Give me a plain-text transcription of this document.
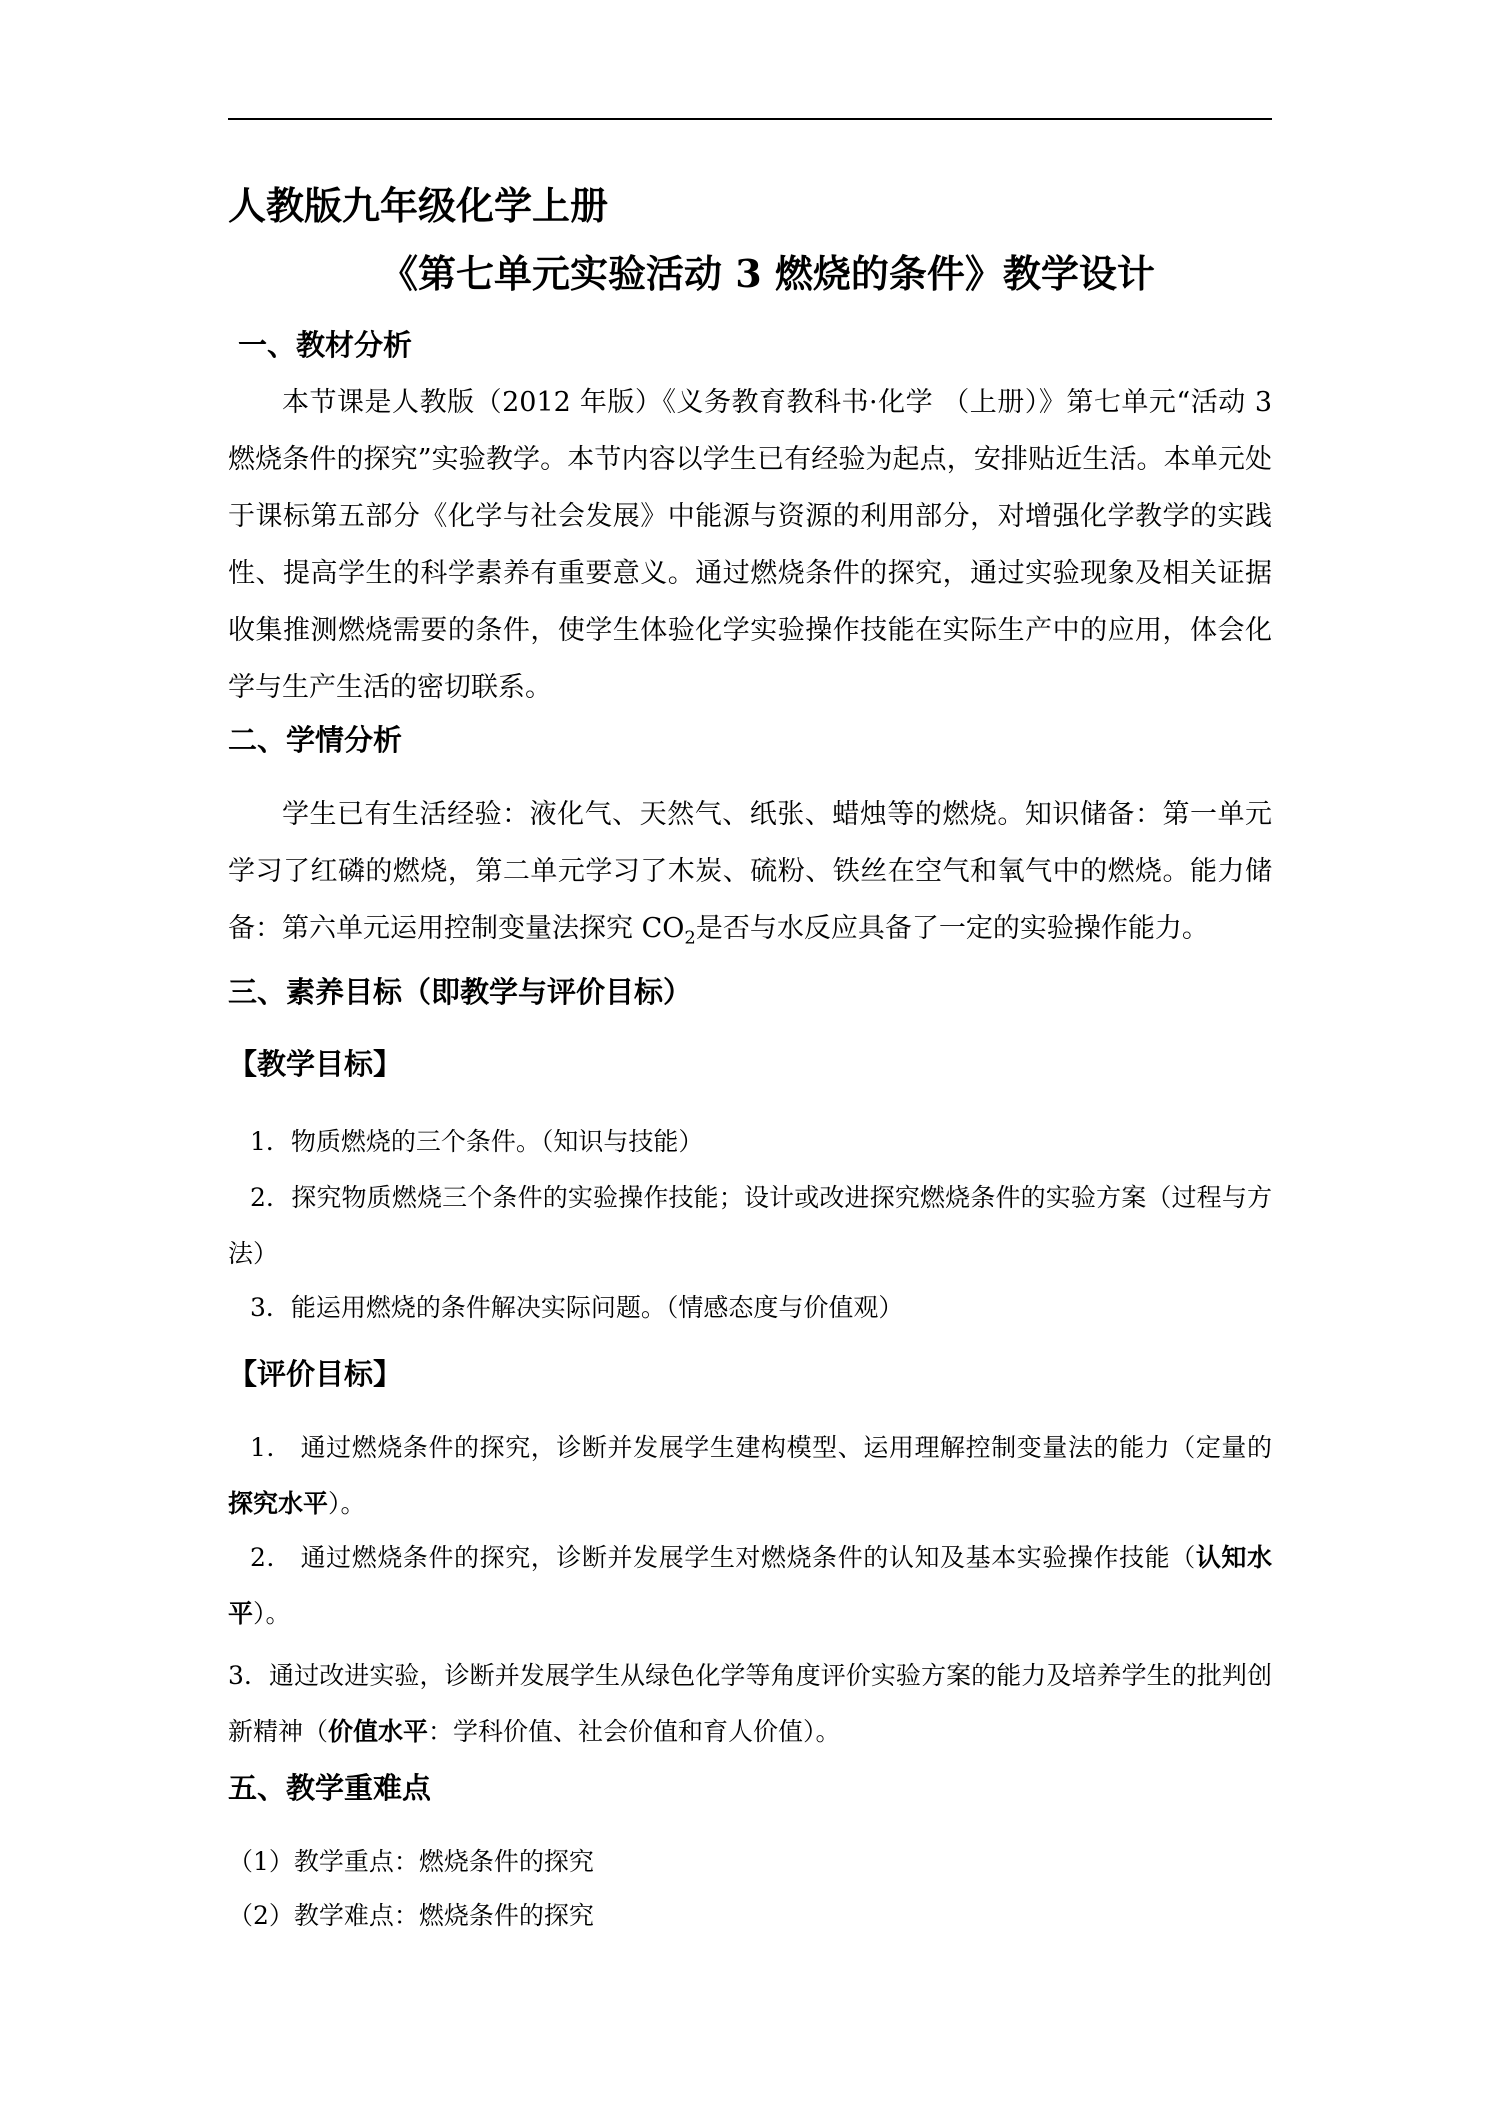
人教版九年级化学上册
《第七单元实验活动 3 燃烧的条件》教学设计
一、教材分析

本节课是人教版（2012 年版）《义务教育教科书·化学 （上册）》第七单元“活动 3 燃烧条件的探究”实验教学。本节内容以学生已有经验为起点，安排贴近生活。本单元处于课标第五部分《化学与社会发展》中能源与资源的利用部分，对增强化学教学的实践性、提高学生的科学素养有重要意义。通过燃烧条件的探究，通过实验现象及相关证据收集推测燃烧需要的条件，使学生体验化学实验操作技能在实际生产中的应用，体会化学与生产生活的密切联系。

二、学情分析

学生已有生活经验：液化气、天然气、纸张、蜡烛等的燃烧。知识储备：第一单元学习了红磷的燃烧，第二单元学习了木炭、硫粉、铁丝在空气和氧气中的燃烧。能力储备：第六单元运用控制变量法探究 $CO_2$是否与水反应具备了一定的实验操作能力。

三、素养目标（即教学与评价目标）
【教学目标】

1．物质燃烧的三个条件。（知识与技能）

2．探究物质燃烧三个条件的实验操作技能；设计或改进探究燃烧条件的实验方案（过程与方法）

3．能运用燃烧的条件解决实际问题。（情感态度与价值观）

【评价目标】

1． 通过燃烧条件的探究，诊断并发展学生建构模型、运用理解控制变量法的能力（定量的探究水平）。

2． 通过燃烧条件的探究，诊断并发展学生对燃烧条件的认知及基本实验操作技能（认知水平）。

3．通过改进实验，诊断并发展学生从绿色化学等角度评价实验方案的能力及培养学生的批判创新精神（价值水平：学科价值、社会价值和育人价值）。

五、教学重难点

（1）教学重点：燃烧条件的探究

（2）教学难点：燃烧条件的探究
